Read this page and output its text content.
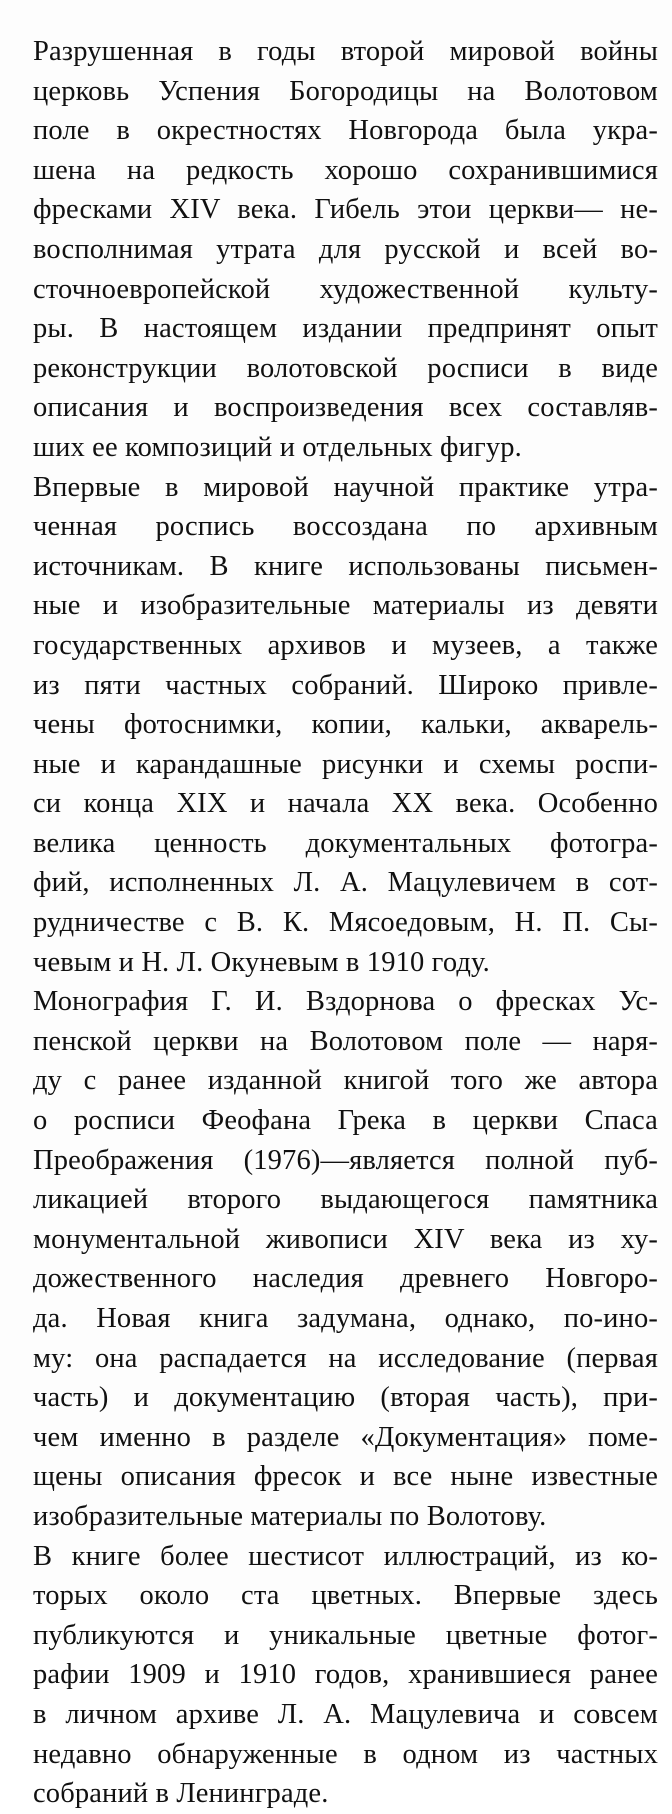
Разрушенная в годы второй мировой войны
церковь Успения Богородицы на Волотовом
поле в окрестностях Новгорода была укра-
шена на редкость хорошо сохранившимися
фресками XIV века. Гибель этои церкви— не-
восполнимая утрата для русской и всей во-
сточноевропейской художественной культу-
ры. В настоящем издании предпринят опыт
реконструкции волотовской росписи в виде
описания и воспроизведения всех составляв-
ших ее композиций и отдельных фигур.
Впервые в мировой научной практике утра-
ченная роспись воссоздана по архивным
источникам. В книге использованы письмен-
ные и изобразительные материалы из девяти
государственных архивов и музеев, а также
из пяти частных собраний. Широко привле-
чены фотоснимки, копии, кальки, акварель-
ные и карандашные рисунки и схемы роспи-
си конца XIX и начала XX века. Особенно
велика ценность документальных фотогра-
фий, исполненных Л. А. Мацулевичем в сот-
рудничестве с В. К. Мясоедовым, Н. П. Сы-
чевым и Н. Л. Окуневым в 1910 году.
Монография Г. И. Вздорнова о фресках Ус-
пенской церкви на Волотовом поле — наря-
ду с ранее изданной книгой того же автора
о росписи Феофана Грека в церкви Спаса
Преображения (1976)—является полной пуб-
ликацией второго выдающегося памятника
монументальной живописи XIV века из ху-
дожественного наследия древнего Новгоро-
да. Новая книга задумана, однако, по-ино-
му: она распадается на исследование (первая
часть) и документацию (вторая часть), при-
чем именно в разделе «Документация» поме-
щены описания фресок и все ныне известные
изобразительные материалы по Волотову.
В книге более шестисот иллюстраций, из ко-
торых около ста цветных. Впервые здесь
публикуются и уникальные цветные фотог-
рафии 1909 и 1910 годов, хранившиеся ранее
в личном архиве Л. А. Мацулевича и совсем
недавно обнаруженные в одном из частных
собраний в Ленинграде.
